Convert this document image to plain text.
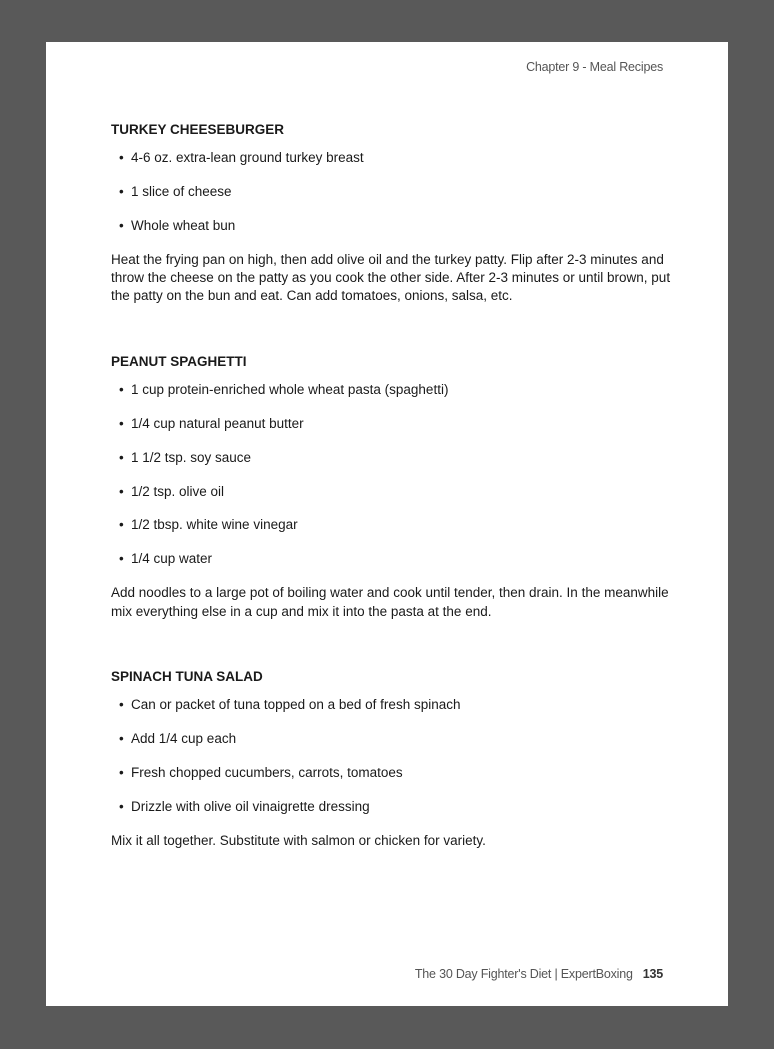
Chapter 9 - Meal Recipes
TURKEY CHEESEBURGER
• 4-6 oz. extra-lean ground turkey breast
• 1 slice of cheese
• Whole wheat bun

Heat the frying pan on high, then add olive oil and the turkey patty. Flip after 2-3 minutes and throw the cheese on the patty as you cook the other side. After 2-3 minutes or until brown, put the patty on the bun and eat. Can add tomatoes, onions, salsa, etc.

PEANUT SPAGHETTI
• 1 cup protein-enriched whole wheat pasta (spaghetti)
• 1/4 cup natural peanut butter
• 1 1/2 tsp. soy sauce
• 1/2 tsp. olive oil
• 1/2 tbsp. white wine vinegar
• 1/4 cup water

Add noodles to a large pot of boiling water and cook until tender, then drain. In the meanwhile mix everything else in a cup and mix it into the pasta at the end.

SPINACH TUNA SALAD
• Can or packet of tuna topped on a bed of fresh spinach
• Add 1/4 cup each
• Fresh chopped cucumbers, carrots, tomatoes
• Drizzle with olive oil vinaigrette dressing

Mix it all together. Substitute with salmon or chicken for variety.

The 30 Day Fighter's Diet | ExpertBoxing 135
